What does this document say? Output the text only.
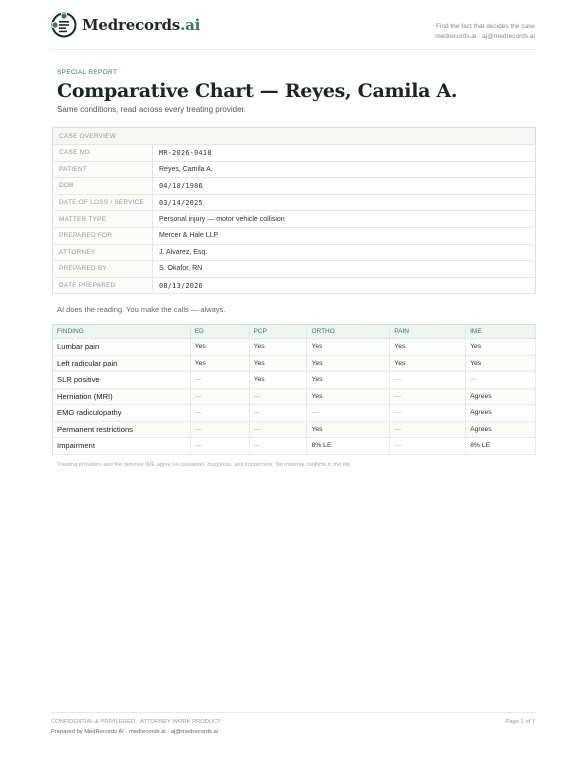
Medrecords.ai	Find the fact that decides the case
medrecords.ai · aj@medrecords.ai
SPECIAL REPORT
Comparative Chart — Reyes, Camila A.
Same conditions, read across every treating provider.
CASE OVERVIEW	
CASE NO.	MR-2026-0418
PATIENT	Reyes, Camila A.
DOB	04/18/1986
DATE OF LOSS / SERVICE	03/14/2025
MATTER TYPE	Personal injury — motor vehicle collision
PREPARED FOR	Mercer & Hale LLP
ATTORNEY	J. Alvarez, Esq.
PREPARED BY	S. Okafor, RN
DATE PREPARED	08/13/2026
AI does the reading. You make the calls — always.
FINDING	ED	PCP	ORTHO	PAIN	IME
Lumbar pain	Yes	Yes	Yes	Yes	Yes
Left radicular pain	Yes	Yes	Yes	Yes	Yes
SLR positive	—	Yes	Yes	—	—
Herniation (MRI)	—	—	Yes	—	Agrees
EMG radiculopathy	—	—	—	—	Agrees
Permanent restrictions	—	—	Yes	—	Agrees
Impairment	—	—	8% LE	—	8% LE
Treating providers and the defense IME agree on causation, diagnosis, and impairment. No material conflicts in the file.
CONFIDENTIAL & PRIVILEGED · ATTORNEY WORK PRODUCT
Prepared by MedRecords AI · medrecords.ai · aj@medrecords.ai
Page 1 of 1
